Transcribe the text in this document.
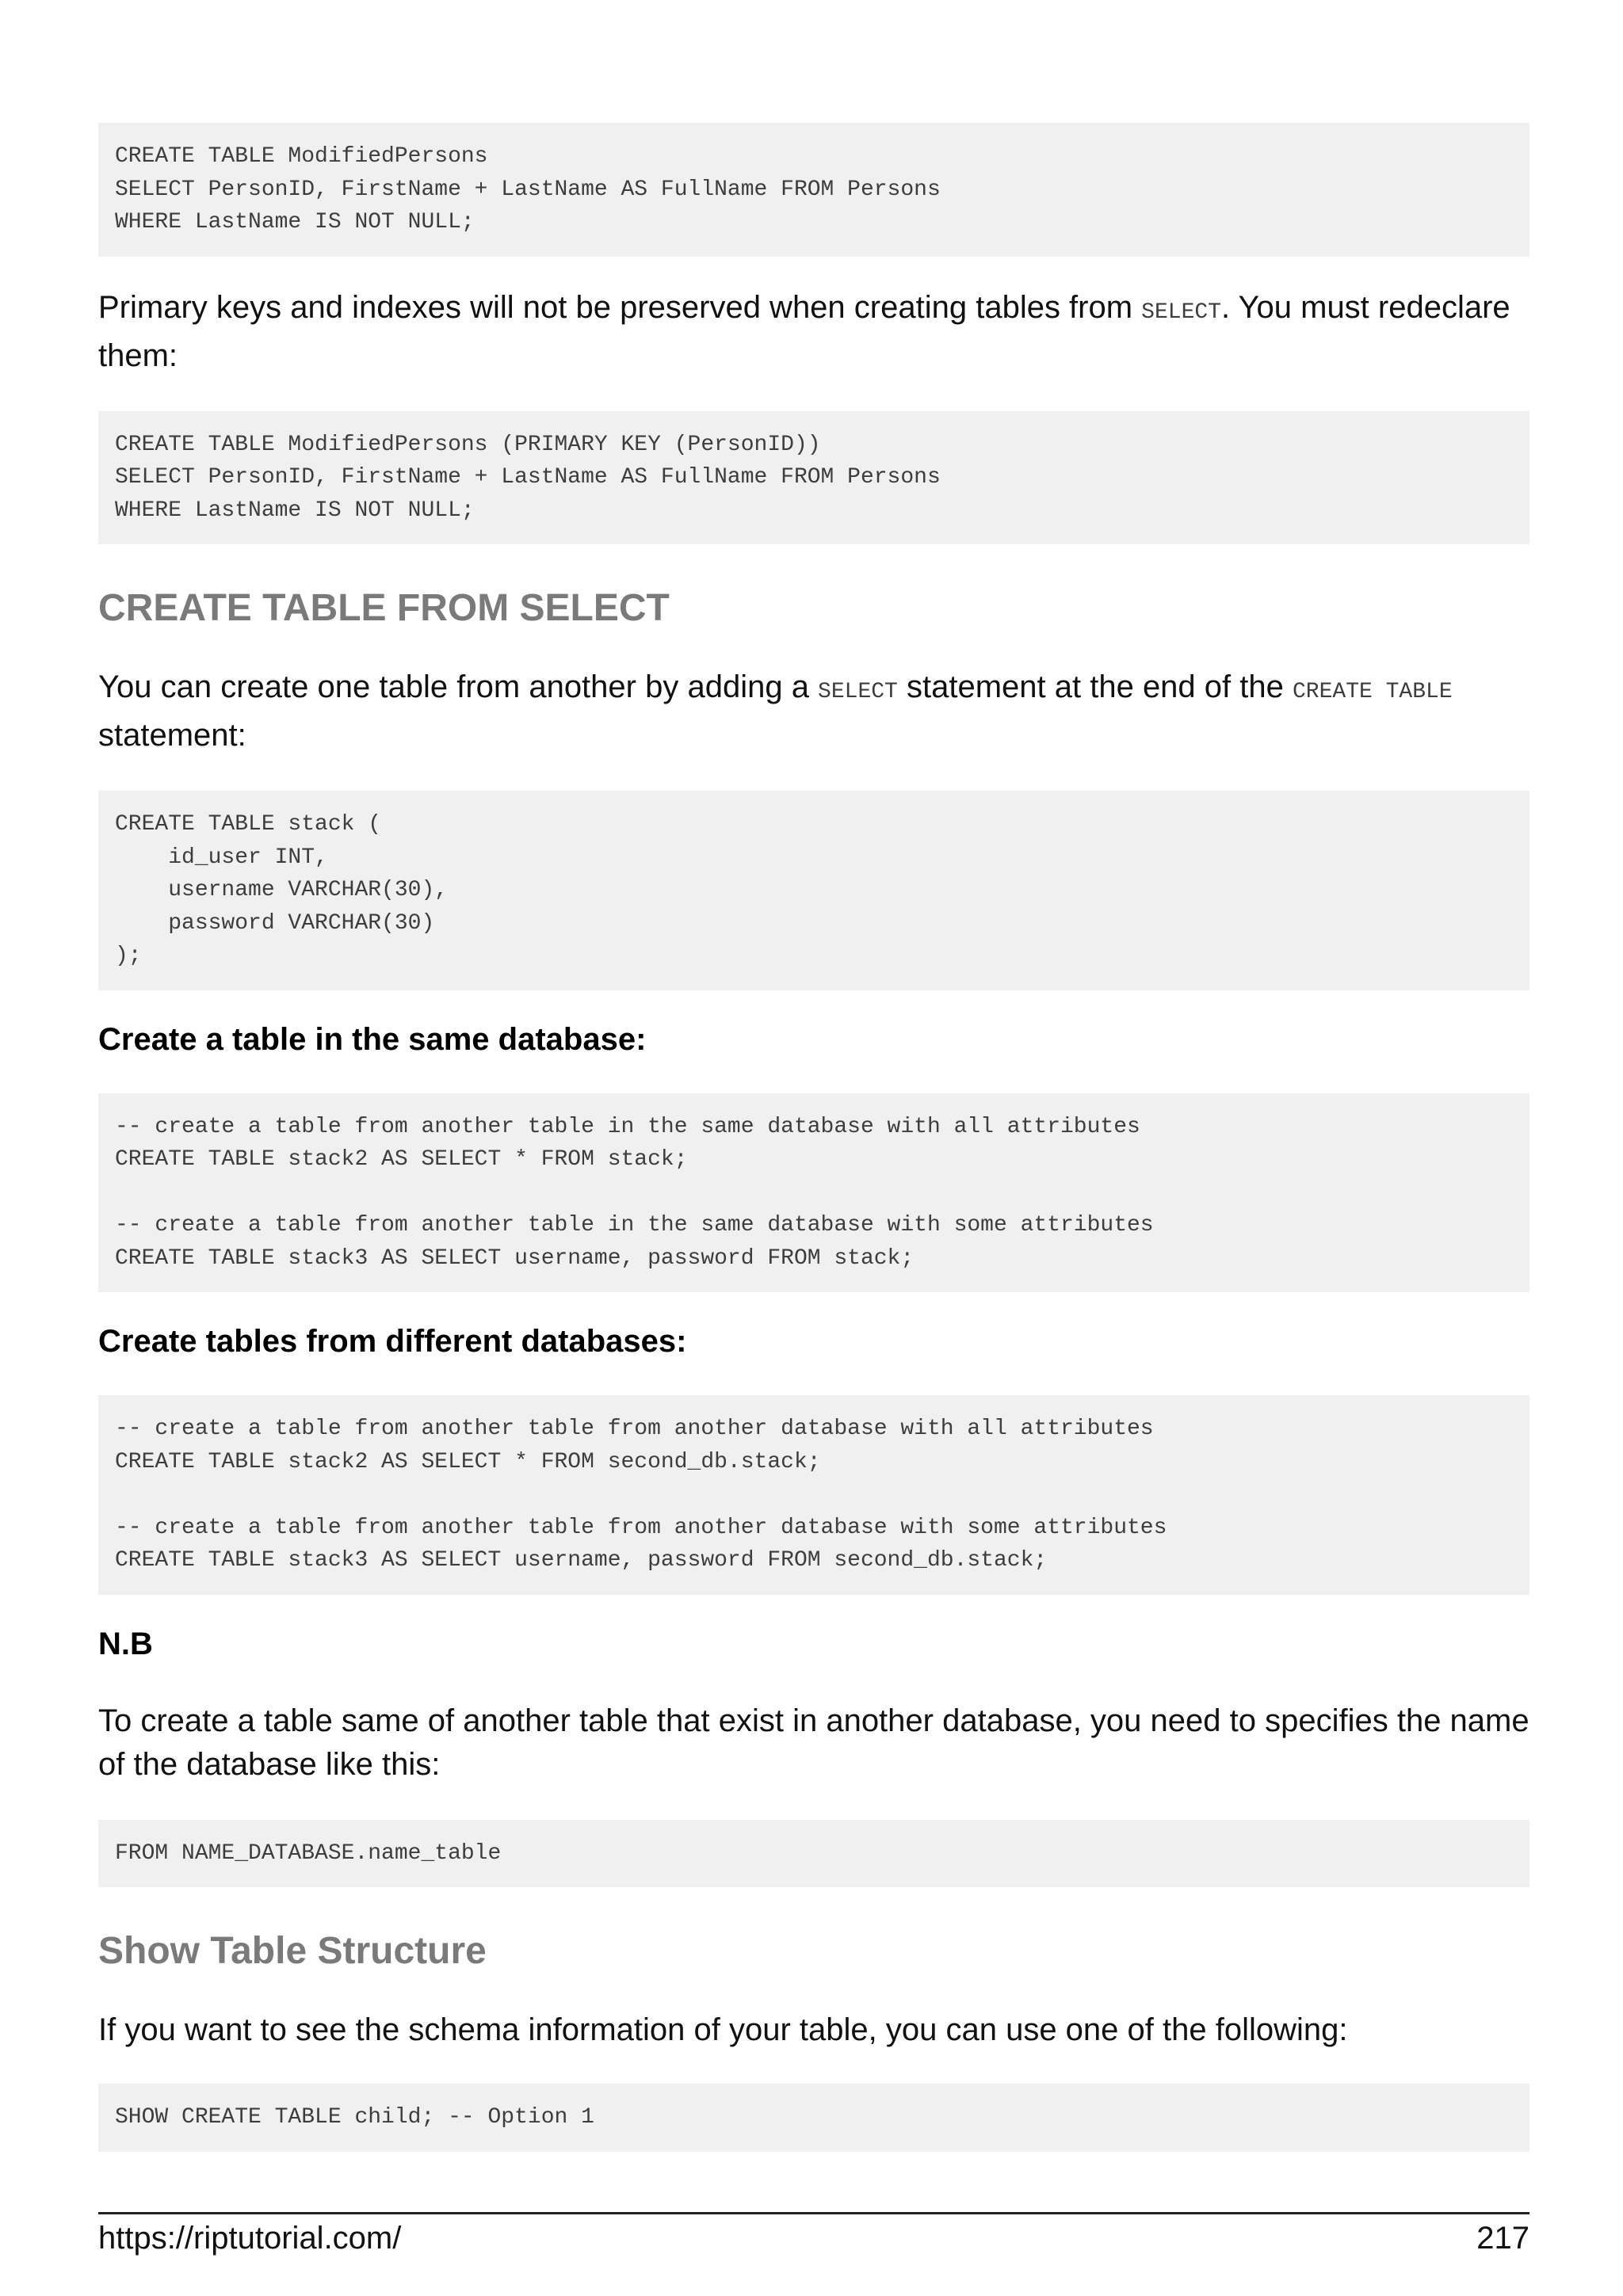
CREATE TABLE ModifiedPersons
SELECT PersonID, FirstName + LastName AS FullName FROM Persons
WHERE LastName IS NOT NULL;

Primary keys and indexes will not be preserved when creating tables from SELECT. You must redeclare them:

CREATE TABLE ModifiedPersons (PRIMARY KEY (PersonID))
SELECT PersonID, FirstName + LastName AS FullName FROM Persons
WHERE LastName IS NOT NULL;
CREATE TABLE FROM SELECT

You can create one table from another by adding a SELECT statement at the end of the CREATE TABLE statement:

CREATE TABLE stack (
id_user INT,
username VARCHAR(30),
password VARCHAR(30)
);
Create a table in the same database:
-- create a table from another table in the same database with all attributes
CREATE TABLE stack2 AS SELECT * FROM stack;

-- create a table from another table in the same database with some attributes
CREATE TABLE stack3 AS SELECT username, password FROM stack;
Create tables from different databases:
-- create a table from another table from another database with all attributes
CREATE TABLE stack2 AS SELECT * FROM second_db.stack;

-- create a table from another table from another database with some attributes
CREATE TABLE stack3 AS SELECT username, password FROM second_db.stack;
N.B

To create a table same of another table that exist in another database, you need to specifies the name of the database like this:

FROM NAME_DATABASE.name_table
Show Table Structure

If you want to see the schema information of your table, you can use one of the following:

SHOW CREATE TABLE child; -- Option 1
https://riptutorial.com/	217
